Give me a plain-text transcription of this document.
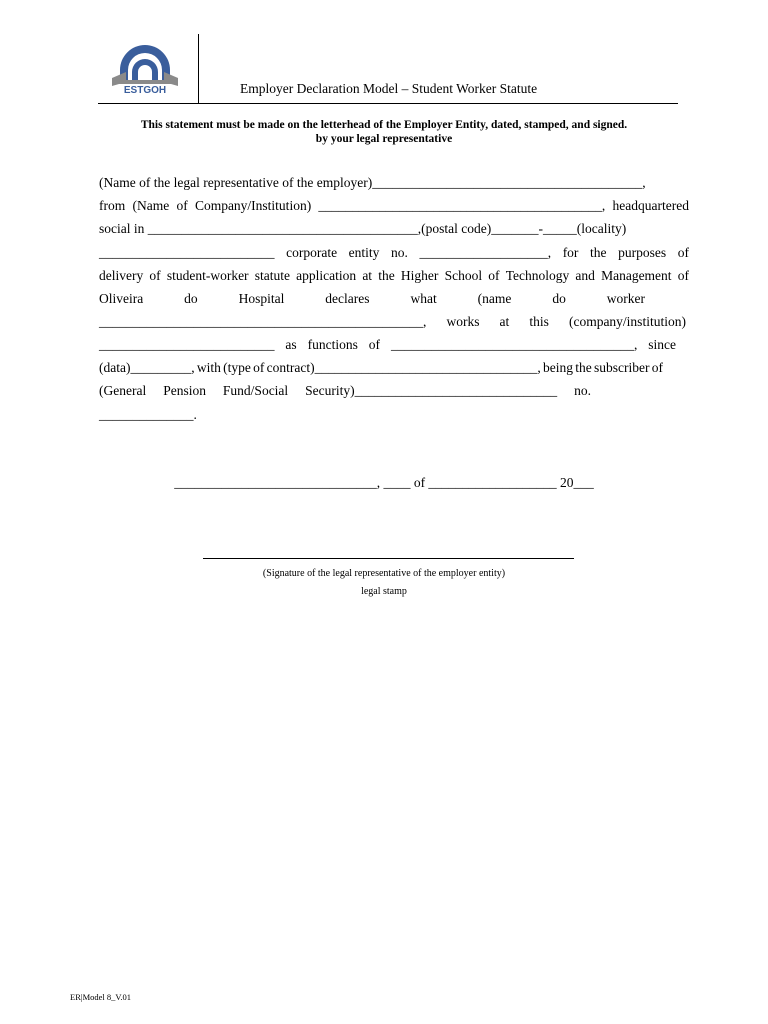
ESTGOH	Employer Declaration Model – Student Worker Statute
This statement must be made on the letterhead of the Employer Entity, dated, stamped, and signed.
by your legal representative
(Name of the legal representative of the employer)________________________________________,
from (Name of Company/Institution) __________________________________________, headquartered
social in ________________________________________,(postal code)_______-_____(locality)
__________________________ corporate entity no. ___________________, for the purposes of
delivery of student-worker statute application at the Higher School of Technology and Management of
Oliveira	do	Hospital	declares	what	(name	do	worker
________________________________________________, works at this (company/institution)
__________________________ as functions of ____________________________________, since
(data)_________, with (type of contract)_________________________________, being the subscriber of
(General Pension Fund/Social Security)______________________________ no.
______________.
______________________________, ____ of ___________________ 20___
(Signature of the legal representative of the employer entity)
legal stamp
ER|Model 8_V.01
